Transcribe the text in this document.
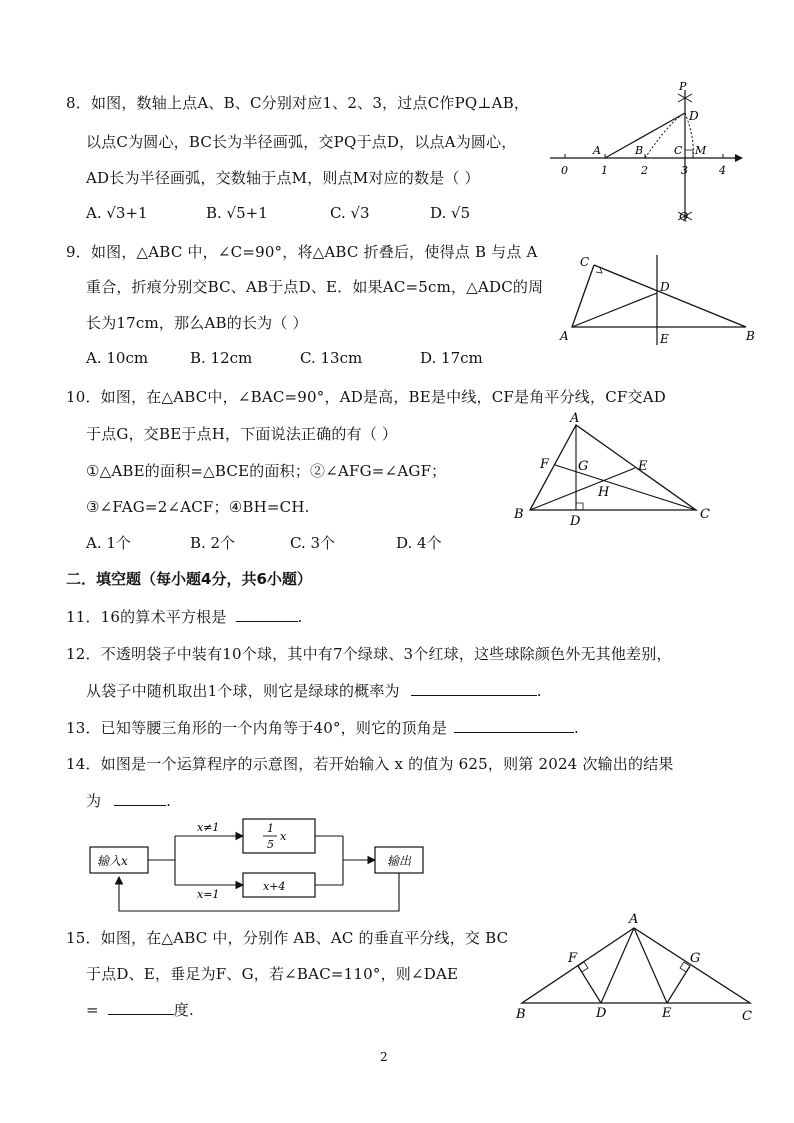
8．如图，数轴上点A、B、C分别对应1、2、3，过点C作PQ⊥AB，
以点C为圆心，BC长为半径画弧，交PQ于点D，以点A为圆心，
AD长为半径画弧，交数轴于点M，则点M对应的数是（ ）
A. √3+1	B. √5+1	C. √3	D. √5
P
D
A	B	C M
Q
0	1	2	3	4
9．如图，△ABC 中，∠C=90°，将△ABC 折叠后，使得点 B 与点 A
重合，折痕分别交BC、AB于点D、E．如果AC=5cm，△ADC的周
长为17cm，那么AB的长为（ ）
A. 10cm	B. 12cm	C. 13cm	D. 17cm
C
D
A	E	B
10．如图，在△ABC中，∠BAC=90°，AD是高，BE是中线，CF是角平分线，CF交AD
于点G，交BE于点H，下面说法正确的有（ ）
①△ABE的面积=△BCE的面积；②∠AFG=∠AGF；
③∠FAG=2∠ACF；④BH=CH.
A. 1个	B. 2个	C. 3个	D. 4个
A
F G	E
H
B	D	C
二．填空题（每小题4分，共6小题）
11．16的算术平方根是	.
12．不透明袋子中装有10个球，其中有7个绿球、3个红球，这些球除颜色外无其他差别，
从袋子中随机取出1个球，则它是绿球的概率为	.
13．已知等腰三角形的一个内角等于40°，则它的顶角是	.
14．如图是一个运算程序的示意图，若开始输入 x 的值为 625，则第 2024 次输出的结果
为	.
输入x
x≠1
x=1
1
5
x
x+4
输出
15．如图，在△ABC 中，分别作 AB、AC 的垂直平分线，交 BC
于点D、E，垂足为F、G，若∠BAC=110°，则∠DAE
=	度.
A
F	G
B	D	E	C
2
